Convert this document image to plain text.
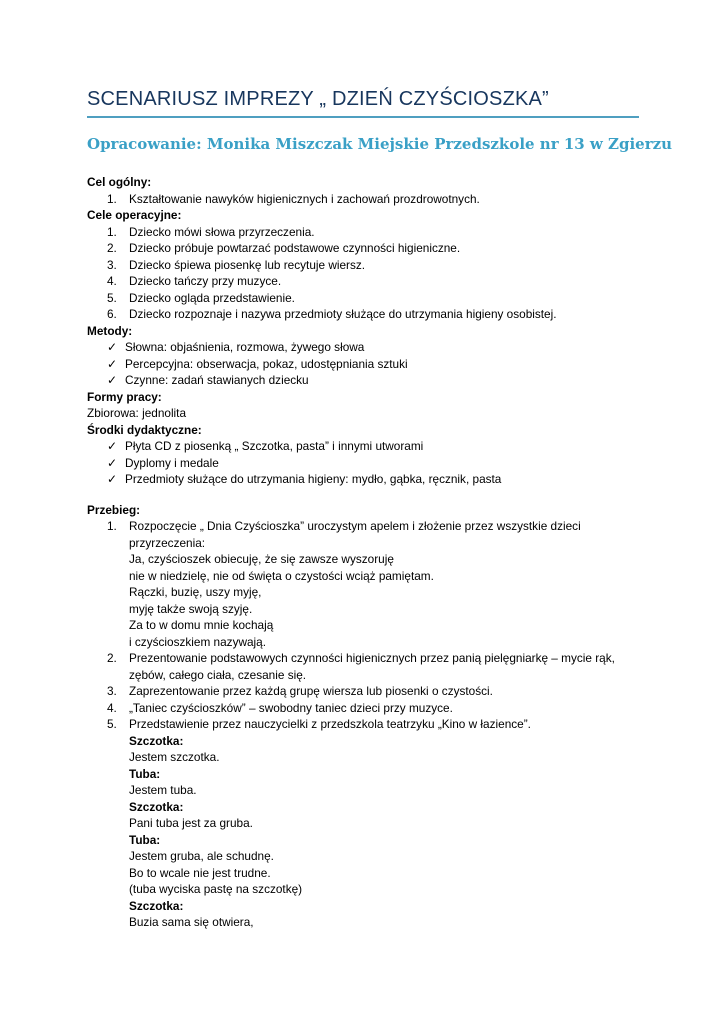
SCENARIUSZ IMPREZY „ DZIEŃ CZYŚCIOSZKA”
Opracowanie: Monika Miszczak Miejskie Przedszkole nr 13 w Zgierzu
Cel ogólny:
1. Kształtowanie nawyków higienicznych i zachowań prozdrowotnych.
Cele operacyjne:
1. Dziecko mówi słowa przyrzeczenia.
2. Dziecko próbuje powtarzać podstawowe czynności higieniczne.
3. Dziecko śpiewa piosenkę lub recytuje wiersz.
4. Dziecko tańczy przy muzyce.
5. Dziecko ogląda przedstawienie.
6. Dziecko rozpoznaje i nazywa przedmioty służące do utrzymania higieny osobistej.
Metody:
✓ Słowna: objaśnienia, rozmowa, żywego słowa
✓ Percepcyjna: obserwacja, pokaz, udostępniania sztuki
✓ Czynne: zadań stawianych dziecku
Formy pracy:
Zbiorowa: jednolita
Środki dydaktyczne:
✓ Płyta CD z piosenką „ Szczotka, pasta” i innymi utworami
✓ Dyplomy i medale
✓ Przedmioty służące do utrzymania higieny: mydło, gąbka, ręcznik, pasta
Przebieg:
1. Rozpoczęcie „ Dnia Czyścioszka” uroczystym apelem i złożenie przez wszystkie dzieci
przyrzeczenia:
Ja, czyścioszek obiecuję, że się zawsze wyszoruję
nie w niedzielę, nie od święta o czystości wciąż pamiętam.
Rączki, buzię, uszy myję,
myję także swoją szyję.
Za to w domu mnie kochają
i czyścioszkiem nazywają.
2. Prezentowanie podstawowych czynności higienicznych przez panią pielęgniarkę – mycie rąk,
zębów, całego ciała, czesanie się.
3. Zaprezentowanie przez każdą grupę wiersza lub piosenki o czystości.
4. „Taniec czyścioszków” – swobodny taniec dzieci przy muzyce.
5. Przedstawienie przez nauczycielki z przedszkola teatrzyku „Kino w łazience”.
Szczotka:
Jestem szczotka.
Tuba:
Jestem tuba.
Szczotka:
Pani tuba jest za gruba.
Tuba:
Jestem gruba, ale schudnę.
Bo to wcale nie jest trudne.
(tuba wyciska pastę na szczotkę)
Szczotka:
Buzia sama się otwiera,
